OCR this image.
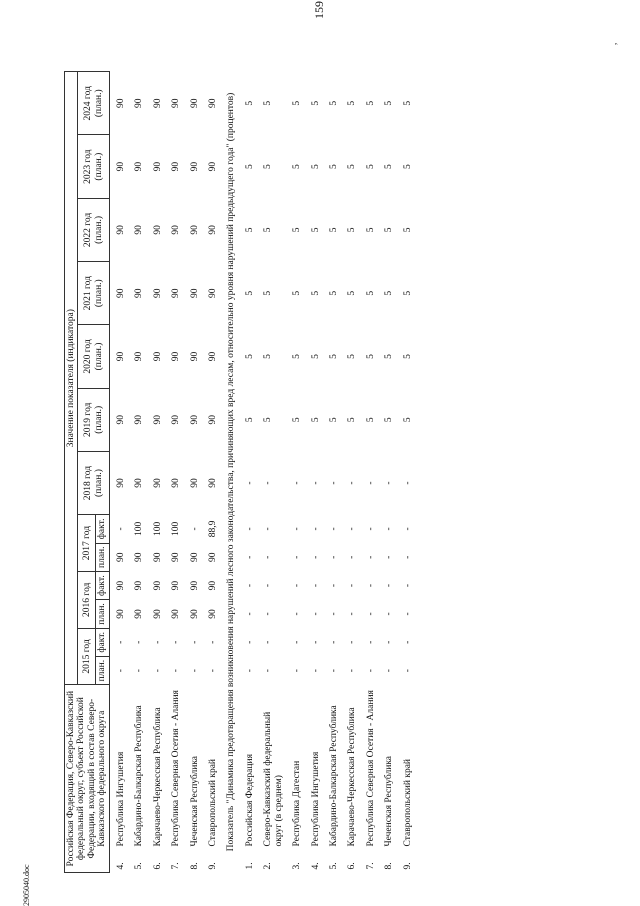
159
2905040.doc
Российская Федерация, Северо-Кавказский федеральный округ, субъект Российской Федерации, входящий в состав Северо-Кавказского федерального округа		Значение показателя (индикатора)												
		2015 год		2016 год		2017 год		2018 год (план.)	2019 год (план.)	2020 год (план.)	2021 год (план.)	2022 год (план.)	2023 год (план.)	2024 год (план.)
		план.	факт.	план.	факт.	план.	факт.							
4.	Республика Ингушетия	-	-	90	90	90	-	90	90	90	90	90	90	90
5.	Кабардино-Балкарская Республика	-	-	90	90	90	100	90	90	90	90	90	90	90
6.	Карачаево-Черкесская Республика	-	-	90	90	90	100	90	90	90	90	90	90	90
7.	Республика Северная Осетия - Алания	-	-	90	90	90	100	90	90	90	90	90	90	90
8.	Чеченская Республика	-	-	90	90	90	-	90	90	90	90	90	90	90
9.	Ставропольский край	-	-	90	90	90	88,9	90	90	90	90	90	90	90
Показатель "Динамика предотвращения возникновения нарушений лесного законодательства, причиняющих вред лесам, относительно уровня нарушений предыдущего года" (процентов)														
1.	Российская Федерация	-	-	-	-	-	-	-	5	5	5	5	5	5
2.	Северо-Кавказский федеральный округ (в среднем)	-	-	-	-	-	-	-	5	5	5	5	5	5
3.	Республика Дагестан	-	-	-	-	-	-	-	5	5	5	5	5	5
4.	Республика Ингушетия	-	-	-	-	-	-	-	5	5	5	5	5	5
5.	Кабардино-Балкарская Республика	-	-	-	-	-	-	-	5	5	5	5	5	5
6.	Карачаево-Черкесская Республика	-	-	-	-	-	-	-	5	5	5	5	5	5
7.	Республика Северная Осетия - Алания	-	-	-	-	-	-	-	5	5	5	5	5	5
8.	Чеченская Республика	-	-	-	-	-	-	-	5	5	5	5	5	5
9.	Ставропольский край	-	-	-	-	-	-	-	5	5	5	5	5	5
,
